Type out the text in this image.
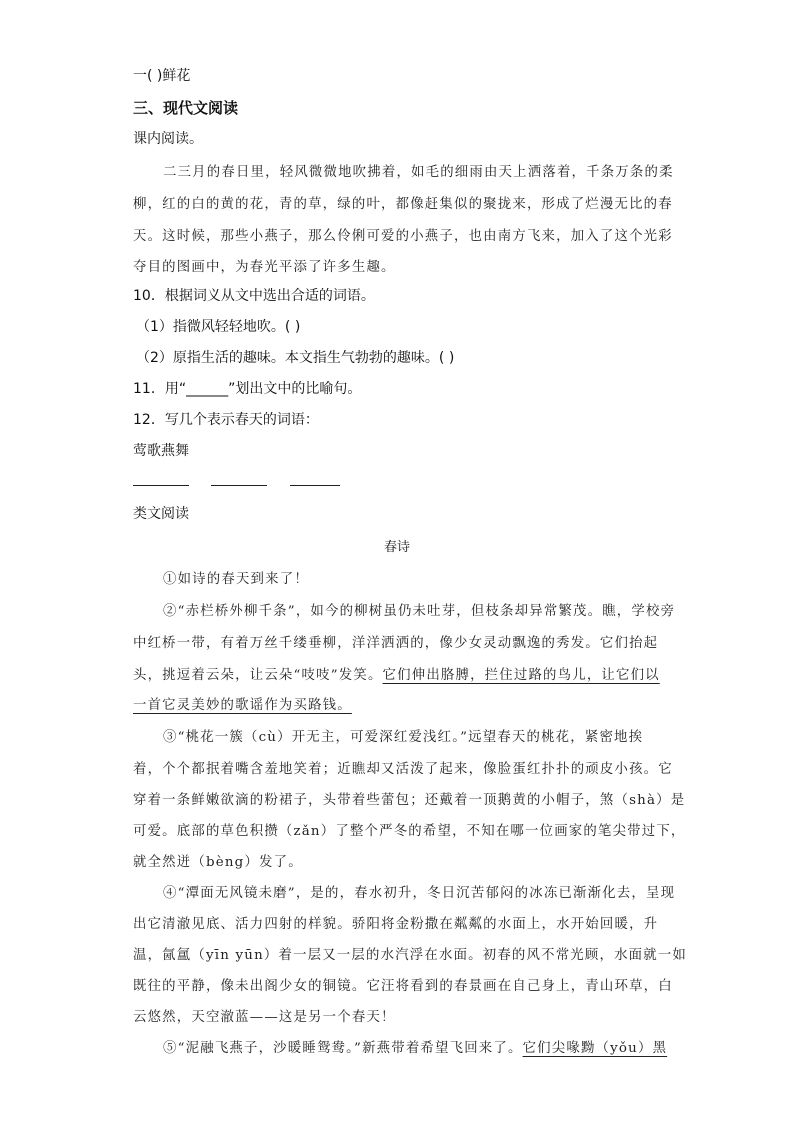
一( )鲜花
三、现代文阅读
课内阅读。
二三月的春日里，轻风微微地吹拂着，如毛的细雨由天上洒落着，千条万条的柔
柳，红的白的黄的花，青的草，绿的叶，都像赶集似的聚拢来，形成了烂漫无比的春
天。这时候，那些小燕子，那么伶俐可爱的小燕子，也由南方飞来，加入了这个光彩
夺目的图画中，为春光平添了许多生趣。
10．根据词义从文中选出合适的词语。
（1）指微风轻轻地吹。( )
（2）原指生活的趣味。本文指生气勃勃的趣味。( )
11．用“______”划出文中的比喻句。
12．写几个表示春天的词语：
莺歌燕舞

类文阅读
春诗
①如诗的春天到来了！
②“赤栏桥外柳千条”，如今的柳树虽仍未吐芽，但枝条却异常繁茂。瞧，学校旁
中红桥一带，有着万丝千缕垂柳，洋洋洒洒的，像少女灵动飘逸的秀发。它们抬起
头，挑逗着云朵，让云朵“吱吱”发笑。它们伸出胳膊，拦住过路的鸟儿，让它们以
一首它灵美妙的歌谣作为买路钱。
③“桃花一簇（cù）开无主，可爱深红爱浅红。”远望春天的桃花，紧密地挨
着，个个都抿着嘴含羞地笑着；近瞧却又活泼了起来，像脸蛋红扑扑的顽皮小孩。它
穿着一条鲜嫩欲滴的粉裙子，头带着些蕾包；还戴着一顶鹅黄的小帽子，煞（shà）是
可爱。底部的草色积攒（zǎn）了整个严冬的希望，不知在哪一位画家的笔尖带过下，
就全然迸（bèng）发了。
④“潭面无风镜未磨”，是的，春水初升，冬日沉苦郁闷的冰冻已渐渐化去，呈现
出它清澈见底、活力四射的样貌。骄阳将金粉撒在粼粼的水面上，水开始回暖，升
温，氤氲（yīn yūn）着一层又一层的水汽浮在水面。初春的风不常光顾，水面就一如
既往的平静，像未出阁少女的铜镜。它汪将看到的春景画在自己身上，青山环草，白
云悠然，天空澈蓝——这是另一个春天！
⑤“泥融飞燕子，沙暖睡鸳鸯。”新燕带着希望飞回来了。它们尖喙黝（yǒu）黑
